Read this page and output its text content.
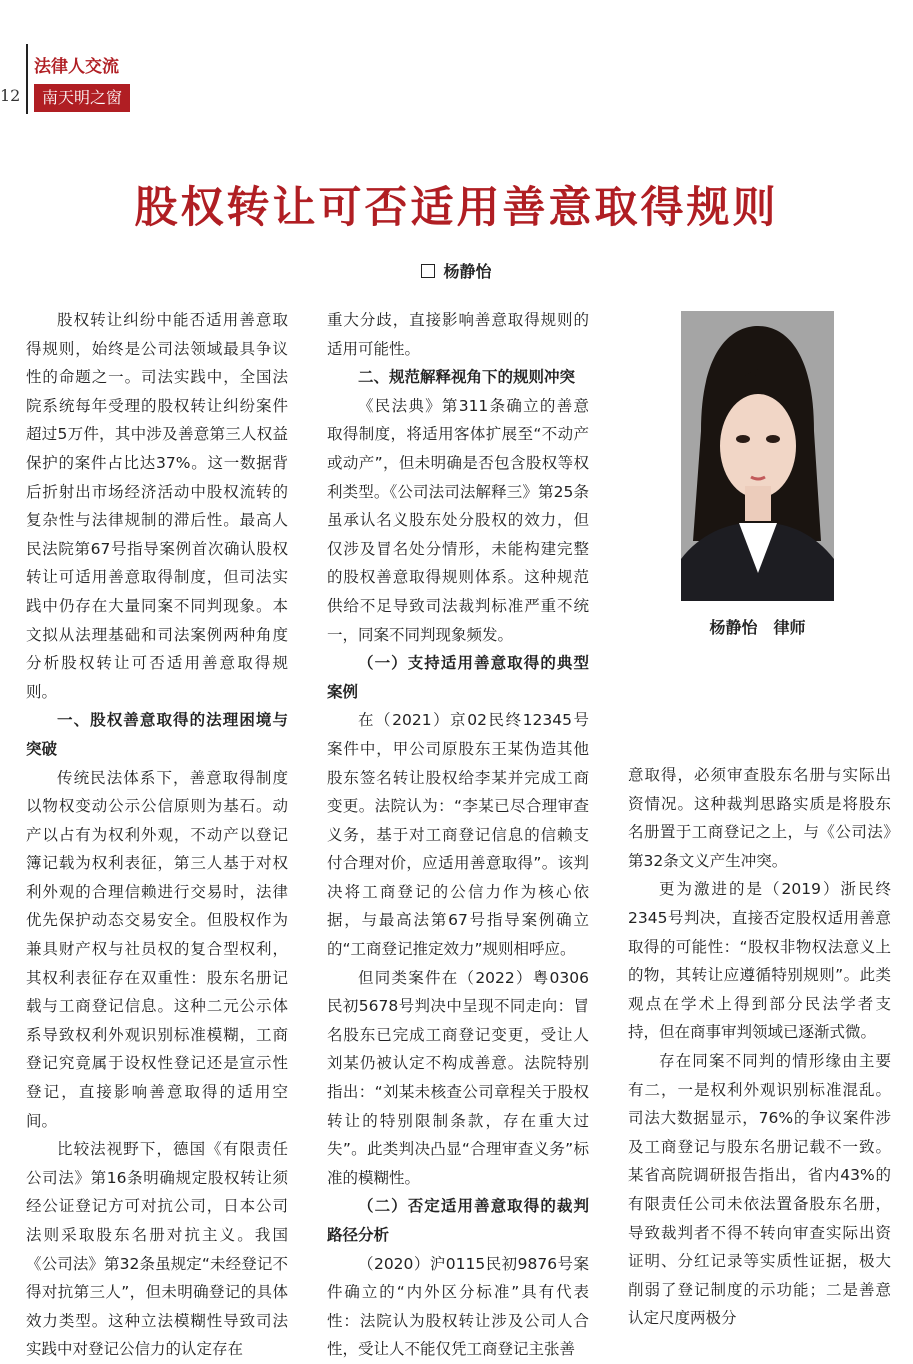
12
法律人交流
南天明之窗
股权转让可否适用善意取得规则
杨静怡

股权转让纠纷中能否适用善意取得规则，始终是公司法领域最具争议性的命题之一。司法实践中，全国法院系统每年受理的股权转让纠纷案件超过5万件，其中涉及善意第三人权益保护的案件占比达37%。这一数据背后折射出市场经济活动中股权流转的复杂性与法律规制的滞后性。最高人民法院第67号指导案例首次确认股权转让可适用善意取得制度，但司法实践中仍存在大量同案不同判现象。本文拟从法理基础和司法案例两种角度分析股权转让可否适用善意取得规则。

一、股权善意取得的法理困境与突破

传统民法体系下，善意取得制度以物权变动公示公信原则为基石。动产以占有为权利外观，不动产以登记簿记载为权利表征，第三人基于对权利外观的合理信赖进行交易时，法律优先保护动态交易安全。但股权作为兼具财产权与社员权的复合型权利，其权利表征存在双重性：股东名册记载与工商登记信息。这种二元公示体系导致权利外观识别标准模糊，工商登记究竟属于设权性登记还是宣示性登记，直接影响善意取得的适用空间。

比较法视野下，德国《有限责任公司法》第16条明确规定股权转让须经公证登记方可对抗公司，日本公司法则采取股东名册对抗主义。我国《公司法》第32条虽规定“未经登记不得对抗第三人”，但未明确登记的具体效力类型。这种立法模糊性导致司法实践中对登记公信力的认定存在

重大分歧，直接影响善意取得规则的适用可能性。

二、规范解释视角下的规则冲突

《民法典》第311条确立的善意取得制度，将适用客体扩展至“不动产或动产”，但未明确是否包含股权等权利类型。《公司法司法解释三》第25条虽承认名义股东处分股权的效力，但仅涉及冒名处分情形，未能构建完整的股权善意取得规则体系。这种规范供给不足导致司法裁判标准严重不统一，同案不同判现象频发。

（一）支持适用善意取得的典型案例

在（2021）京02民终12345号案件中，甲公司原股东王某伪造其他股东签名转让股权给李某并完成工商变更。法院认为：“李某已尽合理审查义务，基于对工商登记信息的信赖支付合理对价，应适用善意取得”。该判决将工商登记的公信力作为核心依据，与最高法第67号指导案例确立的“工商登记推定效力”规则相呼应。

但同类案件在（2022）粤0306民初5678号判决中呈现不同走向：冒名股东已完成工商登记变更，受让人刘某仍被认定不构成善意。法院特别指出：“刘某未核查公司章程关于股权转让的特别限制条款，存在重大过失”。此类判决凸显“合理审查义务”标准的模糊性。

（二）否定适用善意取得的裁判路径分析

（2020）沪0115民初9876号案件确立的“内外区分标准”具有代表性：法院认为股权转让涉及公司人合性，受让人不能仅凭工商登记主张善

杨静怡　律师

意取得，必须审查股东名册与实际出资情况。这种裁判思路实质是将股东名册置于工商登记之上，与《公司法》第32条文义产生冲突。

更为激进的是（2019）浙民终2345号判决，直接否定股权适用善意取得的可能性：“股权非物权法意义上的物，其转让应遵循特别规则”。此类观点在学术上得到部分民法学者支持，但在商事审判领域已逐渐式微。

存在同案不同判的情形缘由主要有二，一是权利外观识别标准混乱。司法大数据显示，76%的争议案件涉及工商登记与股东名册记载不一致。某省高院调研报告指出，省内43%的有限责任公司未依法置备股东名册，导致裁判者不得不转向审查实际出资证明、分红记录等实质性证据，极大削弱了登记制度的示功能；二是善意认定尺度两极分
